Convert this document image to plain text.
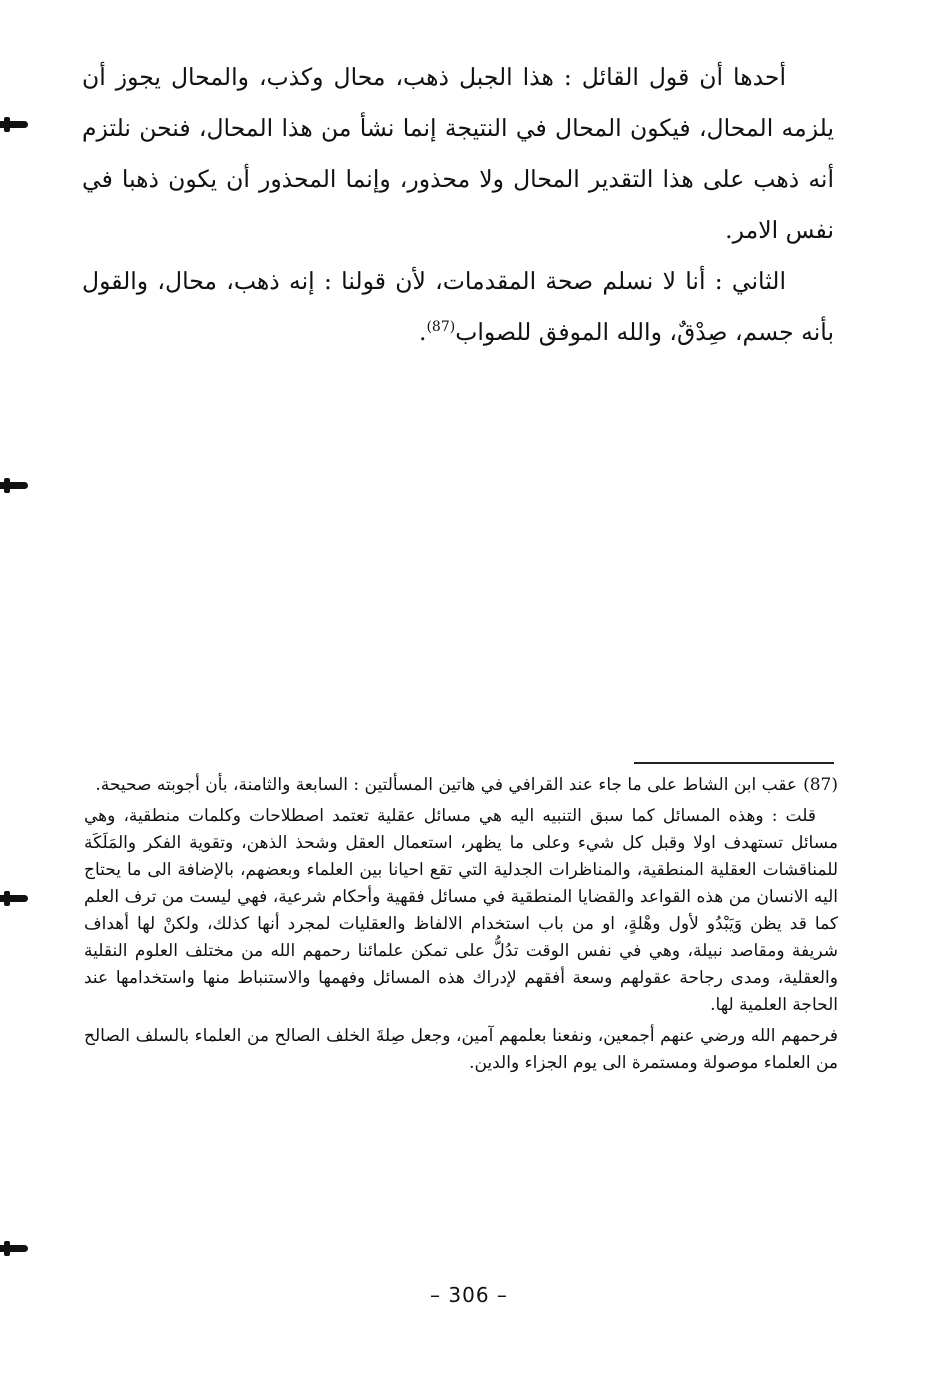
أحدها أن قول القائل : هذا الجبل ذهب، محال وكذب، والمحال يجوز أن يلزمه المحال، فيكون المحال في النتيجة إنما نشأ من هذا المحال، فنحن نلتزم أنه ذهب على هذا التقدير المحال ولا محذور، وإنما المحذور أن يكون ذهبا في نفس الامر.

الثاني : أنا لا نسلم صحة المقدمات، لأن قولنا : إنه ذهب، محال، والقول بأنه جسم، صِدْقٌ، والله الموفق للصواب$^{(87)}$.

(87)عقب ابن الشاط على ما جاء عند القرافي في هاتين المسألتين : السابعة والثامنة، بأن أجوبته صحيحة.

قلت : وهذه المسائل كما سبق التنبيه اليه هي مسائل عقلية تعتمد اصطلاحات وكلمات منطقية، وهي مسائل تستهدف اولا وقبل كل شيء وعلى ما يظهر، استعمال العقل وشحذ الذهن، وتقوية الفكر والمَلَكَة للمناقشات العقلية المنطقية، والمناظرات الجدلية التي تقع احيانا بين العلماء وبعضهم، بالإضافة الى ما يحتاج اليه الانسان من هذه القواعد والقضايا المنطقية في مسائل فقهية وأحكام شرعية، فهي ليست من ترف العلم كما قد يظن وَيَبْدُو لأول وهْلةٍ، او من باب استخدام الالفاظ والعقليات لمجرد أنها كذلك، ولكنْ لها أهداف شريفة ومقاصد نبيلة، وهي في نفس الوقت تدُلُّ على تمكن علمائنا رحمهم الله من مختلف العلوم النقلية والعقلية، ومدى رجاحة عقولهم وسعة أفقهم لإدراك هذه المسائل وفهمها والاستنباط منها واستخدامها عند الحاجة العلمية لها.

فرحمهم الله ورضي عنهم أجمعين، ونفعنا بعلمهم آمين، وجعل صِلةَ الخلف الصالح من العلماء بالسلف الصالح من العلماء موصولة ومستمرة الى يوم الجزاء والدين.

– 306 –
